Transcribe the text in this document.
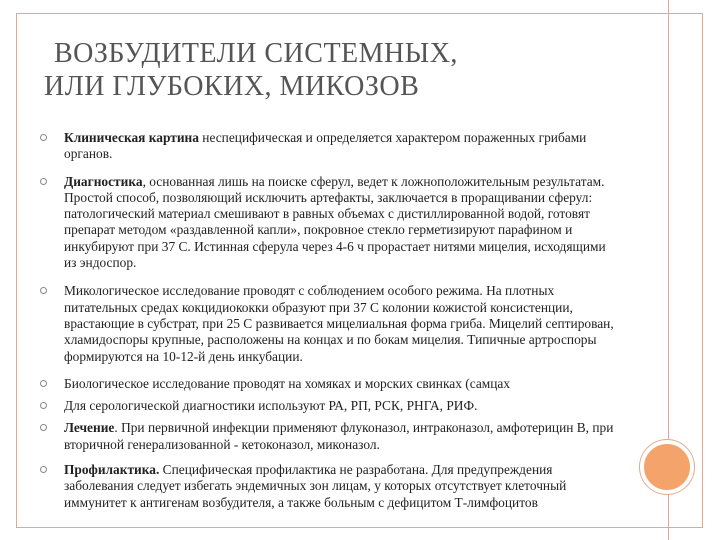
ВОЗБУДИТЕЛИ СИСТЕМНЫХ,
ИЛИ ГЛУБОКИХ, МИКОЗОВ
Клиническая картина неспецифическая и определяется характером пораженных грибами органов.
Диагностика, основанная лишь на поиске сферул, ведет к ложноположительным результатам. Простой способ, позволяющий исключить артефакты, заключается в проращивании сферул: патологический материал смешивают в равных объемах с дистиллированной водой, готовят препарат методом «раздавленной капли», покровное стекло герметизируют парафином и инкубируют при 37 С. Истинная сферула через 4-6 ч прорастает нитями мицелия, исходящими из эндоспор.
Микологическое исследование проводят с соблюдением особого режима. На плотных питательных средах кокцидиококки образуют при 37 С колонии кожистой консистенции, врастающие в субстрат, при 25 С развивается мицелиальная форма гриба. Мицелий септирован, хламидоспоры крупные, расположены на концах и по бокам мицелия. Типичные артроспоры формируются на 10-12-й день инкубации.
Биологическое исследование проводят на хомяках и морских свинках (самцах
Для серологической диагностики используют РА, РП, РСК, РНГА, РИФ.
Лечение. При первичной инфекции применяют флуконазол, интраконазол, амфотерицин В, при вторичной генерализованной - кетоконазол, миконазол.
Профилактика. Специфическая профилактика не разработана. Для предупреждения заболевания следует избегать эндемичных зон лицам, у которых отсутствует клеточный иммунитет к антигенам возбудителя, а также больным с дефицитом Т-лимфоцитов
